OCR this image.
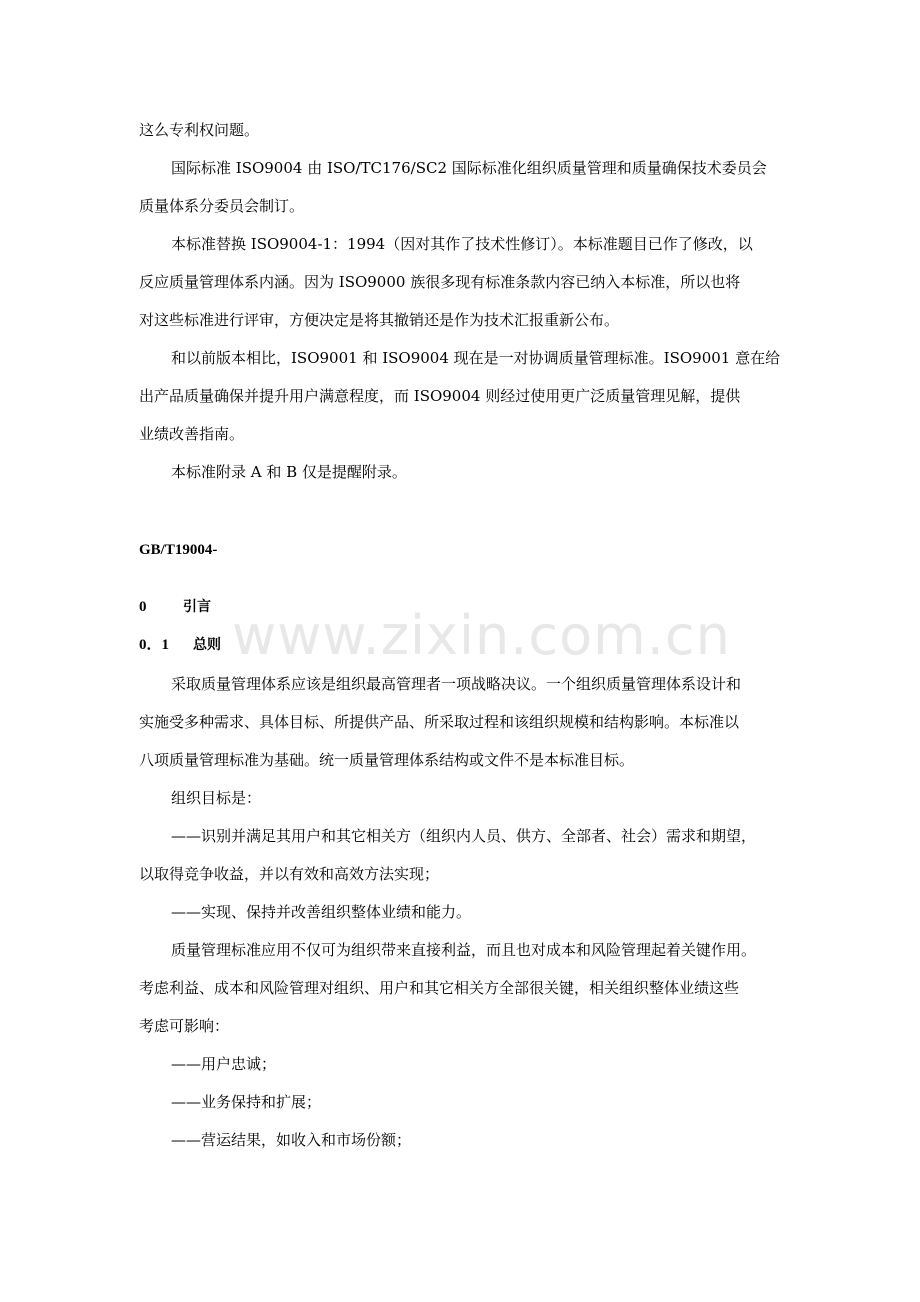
这么专利权问题。
国际标准 ISO9004 由 ISO/TC176/SC2 国际标准化组织质量管理和质量确保技术委员会
质量体系分委员会制订。
本标准替换 ISO9004-1：1994（因对其作了技术性修订）。本标准题目已作了修改，以
反应质量管理体系内涵。因为 ISO9000 族很多现有标准条款内容已纳入本标准，所以也将
对这些标准进行评审，方便决定是将其撤销还是作为技术汇报重新公布。
和以前版本相比，ISO9001 和 ISO9004 现在是一对协调质量管理标准。ISO9001 意在给
出产品质量确保并提升用户满意程度，而 ISO9004 则经过使用更广泛质量管理见解，提供
业绩改善指南。
本标准附录 A 和 B 仅是提醒附录。
GB/T19004-
0	引言
0．1 总则 www.zixin.com.cn
采取质量管理体系应该是组织最高管理者一项战略决议。一个组织质量管理体系设计和
实施受多种需求、具体目标、所提供产品、所采取过程和该组织规模和结构影响。本标准以
八项质量管理标准为基础。统一质量管理体系结构或文件不是本标准目标。
组织目标是：
——识别并满足其用户和其它相关方（组织内人员、供方、全部者、社会）需求和期望，
以取得竞争收益，并以有效和高效方法实现；
——实现、保持并改善组织整体业绩和能力。
质量管理标准应用不仅可为组织带来直接利益，而且也对成本和风险管理起着关键作用。
考虑利益、成本和风险管理对组织、用户和其它相关方全部很关键，相关组织整体业绩这些
考虑可影响：
——用户忠诚；
——业务保持和扩展；
——营运结果，如收入和市场份额；
